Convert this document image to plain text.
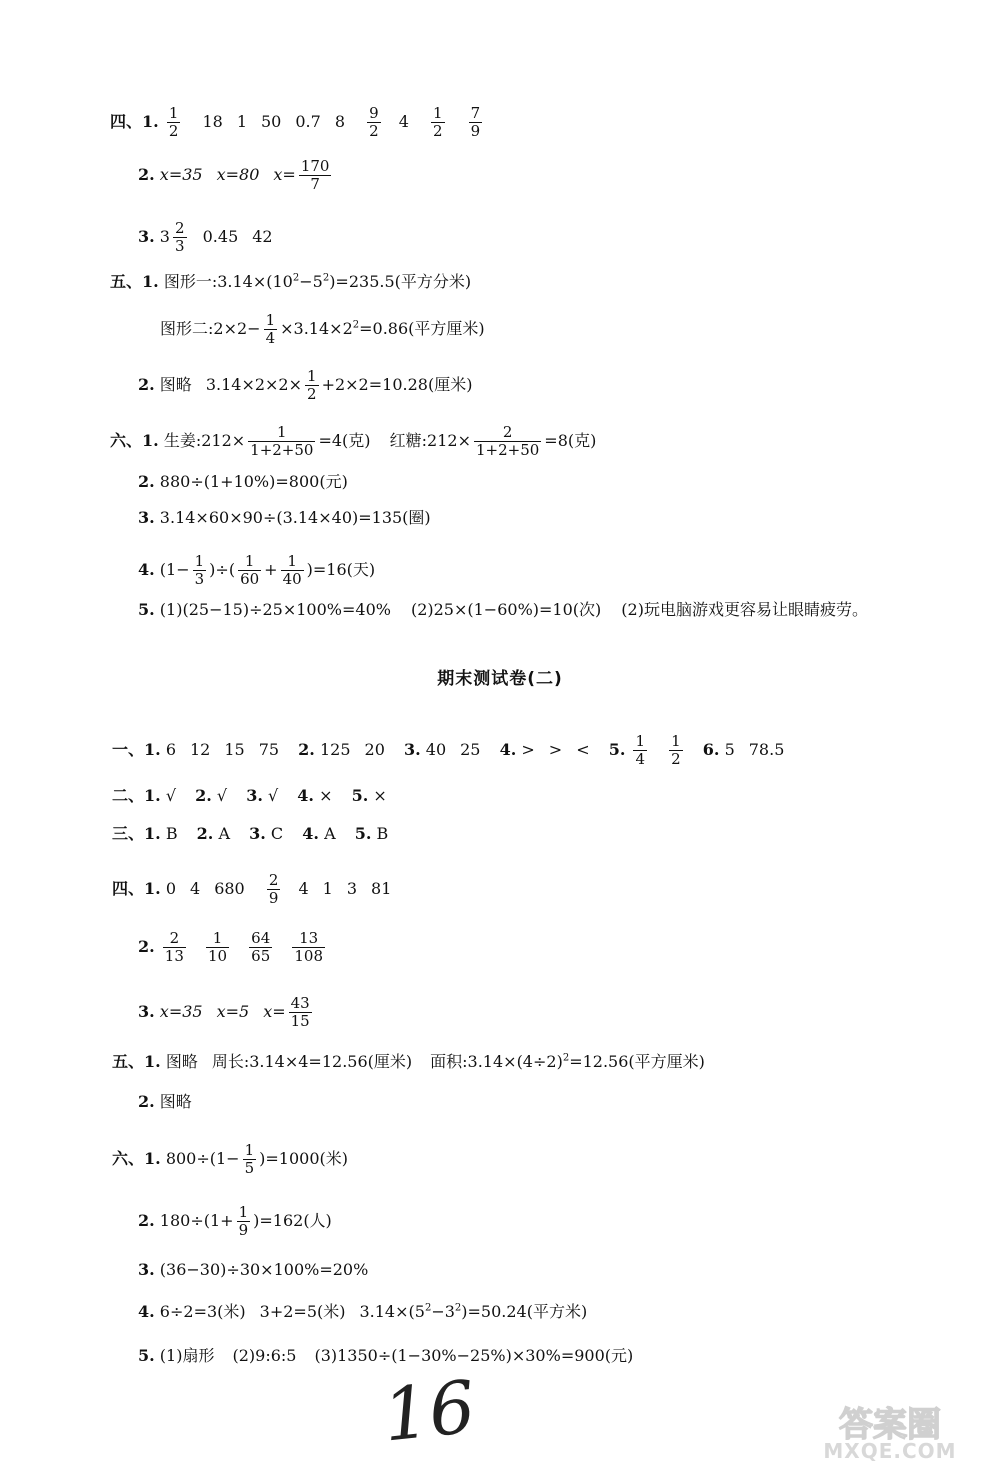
四、1. $\frac{1}{2} 18$ 1 50 0.7 $8 \frac{9}{2} 4 \frac{1}{2}$
$\frac{7}{9}$
2. x=35 x=80 $x= \frac{170}{7}$
3. $3 \frac{2}{3} 0.45$ 42
五、1. 图形一$:3.14\times(10^2-5^2)=235.5$(平方分米)
图形二:2×2− $\frac{1}{4} \times 3.14\times 2^2=0.86$(平方厘米)
2. 图略 $3.14\times 2\times 2\times \frac{1}{2} +2\times 2=10.28$(厘米)
六、1. 生姜:212× $\frac{1}{1+2+50} =4$(克) 红糖:212× $\frac{2}{1+2+50} =8$(克)
2. 880÷(1+10%)=800(元)
3. 3.14×60×90÷(3.14×40)=135(圈)
4. ($1- \frac{1}{3}$ )÷( $\frac{1}{60} + \frac{1}{40} )=16$(天)
5. (1)(25−15)÷25×100%=40% (2)25×(1−60%)=10(次) (2)玩电脑游戏更容易让眼睛疲劳。
期末测试卷(二)
一、1. 6 12 15 75 2. 125 20 3. 40 25 4. > > < 5. $\frac{1}{4}$
$\frac{1}{2} 6$. 5 78.5
二、1. √ 2. √ 3. √ 4. × 5. ×
三、1. B 2. A 3. C 4. A 5. B
四、1. 0 4 $680 \frac{2}{9} 4$ 1 3 81
2. $\frac{2}{13}$
$\frac{1}{10}$
$\frac{64}{65}$
$\frac{13}{108}$
3. x=35 x=5 $x= \frac{43}{15}$
五、1. 图略 周长:3.14×4=12.56(厘米) 面积$:3.14\times(4\div 2)^2=12.56$(平方厘米)
2. 图略
六、1. $800\div(1- \frac{1}{5} )=1000$(米)
2. $180\div(1+ \frac{1}{9} )=162$(人)
3. (36−30)÷30×100%=20%
4. 6÷2=3(米) 3+2=5(米) $3.14\times(5^2-3^2)=50.24$(平方米)
5. (1)扇形 (2)9:6:5 (3)1350÷(1−30%−25%)×30%=900(元)
16	答案圈
MXQE.COM
